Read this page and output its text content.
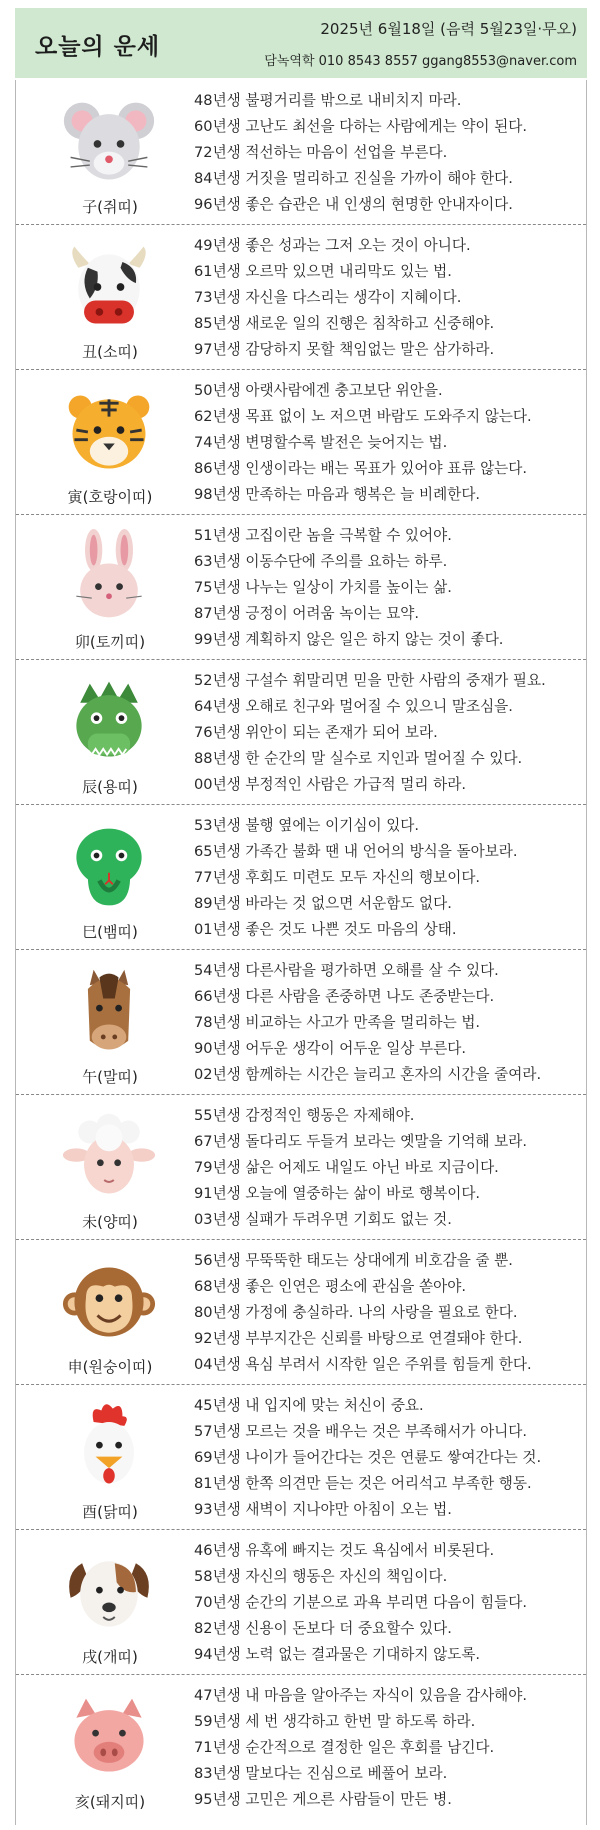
오늘의 운세
2025년 6월18일 (음력 5월23일·무오)
담녹역학 010 8543 8557 ggang8553@naver.com
子(쥐띠)
48년생 불평거리를 밖으로 내비치지 마라.
60년생 고난도 최선을 다하는 사람에게는 약이 된다.
72년생 적선하는 마음이 선업을 부른다.
84년생 거짓을 멀리하고 진실을 가까이 해야 한다.
96년생 좋은 습관은 내 인생의 현명한 안내자이다.
丑(소띠)
49년생 좋은 성과는 그저 오는 것이 아니다.
61년생 오르막 있으면 내리막도 있는 법.
73년생 자신을 다스리는 생각이 지혜이다.
85년생 새로운 일의 진행은 침착하고 신중해야.
97년생 감당하지 못할 책임없는 말은 삼가하라.
寅(호랑이띠)
50년생 아랫사람에겐 충고보단 위안을.
62년생 목표 없이 노 저으면 바람도 도와주지 않는다.
74년생 변명할수록 발전은 늦어지는 법.
86년생 인생이라는 배는 목표가 있어야 표류 않는다.
98년생 만족하는 마음과 행복은 늘 비례한다.
卯(토끼띠)
51년생 고집이란 놈을 극복할 수 있어야.
63년생 이동수단에 주의를 요하는 하루.
75년생 나누는 일상이 가치를 높이는 삶.
87년생 긍정이 어려움 녹이는 묘약.
99년생 계획하지 않은 일은 하지 않는 것이 좋다.
辰(용띠)
52년생 구설수 휘말리면 믿을 만한 사람의 중재가 필요.
64년생 오해로 친구와 멀어질 수 있으니 말조심을.
76년생 위안이 되는 존재가 되어 보라.
88년생 한 순간의 말 실수로 지인과 멀어질 수 있다.
00년생 부정적인 사람은 가급적 멀리 하라.
巳(뱀띠)
53년생 불행 옆에는 이기심이 있다.
65년생 가족간 불화 땐 내 언어의 방식을 돌아보라.
77년생 후회도 미련도 모두 자신의 행보이다.
89년생 바라는 것 없으면 서운함도 없다.
01년생 좋은 것도 나쁜 것도 마음의 상태.
午(말띠)
54년생 다른사람을 평가하면 오해를 살 수 있다.
66년생 다른 사람을 존중하면 나도 존중받는다.
78년생 비교하는 사고가 만족을 멀리하는 법.
90년생 어두운 생각이 어두운 일상 부른다.
02년생 함께하는 시간은 늘리고 혼자의 시간을 줄여라.
未(양띠)
55년생 감정적인 행동은 자제해야.
67년생 돌다리도 두들겨 보라는 옛말을 기억해 보라.
79년생 삶은 어제도 내일도 아닌 바로 지금이다.
91년생 오늘에 열중하는 삶이 바로 행복이다.
03년생 실패가 두려우면 기회도 없는 것.
申(원숭이띠)
56년생 무뚝뚝한 태도는 상대에게 비호감을 줄 뿐.
68년생 좋은 인연은 평소에 관심을 쏟아야.
80년생 가정에 충실하라. 나의 사랑을 필요로 한다.
92년생 부부지간은 신뢰를 바탕으로 연결돼야 한다.
04년생 욕심 부려서 시작한 일은 주위를 힘들게 한다.
酉(닭띠)
45년생 내 입지에 맞는 처신이 중요.
57년생 모르는 것을 배우는 것은 부족해서가 아니다.
69년생 나이가 들어간다는 것은 연륜도 쌓여간다는 것.
81년생 한쪽 의견만 듣는 것은 어리석고 부족한 행동.
93년생 새벽이 지나야만 아침이 오는 법.
戌(개띠)
46년생 유혹에 빠지는 것도 욕심에서 비롯된다.
58년생 자신의 행동은 자신의 책임이다.
70년생 순간의 기분으로 과욕 부리면 다음이 힘들다.
82년생 신용이 돈보다 더 중요할수 있다.
94년생 노력 없는 결과물은 기대하지 않도록.
亥(돼지띠)
47년생 내 마음을 알아주는 자식이 있음을 감사해야.
59년생 세 번 생각하고 한번 말 하도록 하라.
71년생 순간적으로 결정한 일은 후회를 남긴다.
83년생 말보다는 진심으로 베풀어 보라.
95년생 고민은 게으른 사람들이 만든 병.
